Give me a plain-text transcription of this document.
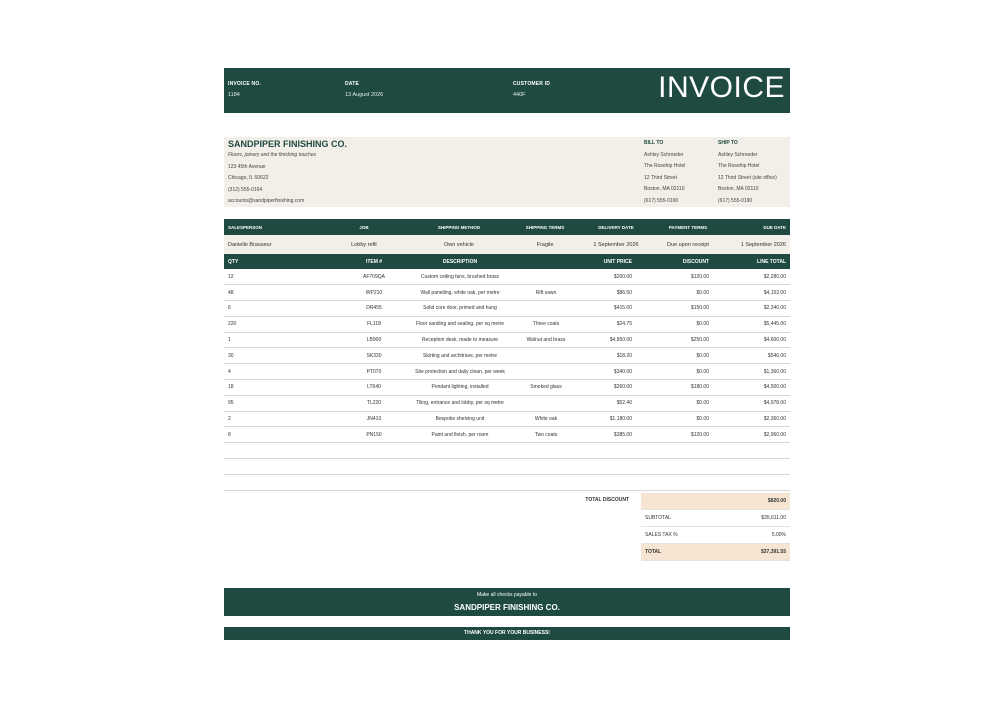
INVOICE NO.
1184
DATE
13 August 2026
CUSTOMER ID
440F	INVOICE
SANDPIPER FINISHING CO.
Floors, joinery and the finishing touches
123 45th Avenue
Chicago, IL 60622
(312) 555-0164
accounts@sandpiperfinishing.com
BILL TO
Ashley Schroeder
The Rosehip Hotel
12 Third Street
Boston, MA 02110
(617) 555-0190
SHIP TO
Ashley Schroeder
The Rosehip Hotel
12 Third Street (site office)
Boston, MA 02110
(617) 555-0190
SALESPERSON	JOB	SHIPPING METHOD	SHIPPING TERMS	DELIVERY DATE	PAYMENT TERMS	DUE DATE
Danielle Brasseur	Lobby refit	Own vehicle	Fragile	1 September 2026	Due upon receipt	1 September 2026
QTY	ITEM #	DESCRIPTION		UNIT PRICE	DISCOUNT	LINE TOTAL
12	AF709QA	Custom ceiling fans, brushed brass		$200.00	$120.00	$2,280.00
48	WP210	Wall panelling, white oak, per metre	Rift sawn	$86.50	$0.00	$4,152.00
6	DR455	Solid core door, primed and hung		$415.00	$150.00	$2,340.00
220	FL118	Floor sanding and sealing, per sq metre	Three coats	$24.75	$0.00	$5,445.00
1	LB900	Reception desk, made to measure	Walnut and brass	$4,850.00	$250.00	$4,600.00
30	SK330	Skirting and architrave, per metre		$18.20	$0.00	$546.00
4	PT070	Site protection and daily clean, per week		$340.00	$0.00	$1,360.00
18	LT640	Pendant lighting, installed	Smoked glass	$260.00	$180.00	$4,500.00
95	TL220	Tiling, entrance and lobby, per sq metre		$52.40	$0.00	$4,978.00
2	JN410	Bespoke shelving unit	White oak	$1,180.00	$0.00	$2,360.00
8	PN150	Paint and finish, per room	Two coats	$385.00	$120.00	$2,960.00

TOTAL DISCOUNT	$820.00
SUBTOTAL	$35,611.00
SALES TAX %	5.00%
TOTAL	$37,391.55
Make all checks payable to
SANDPIPER FINISHING CO.
THANK YOU FOR YOUR BUSINESS!
